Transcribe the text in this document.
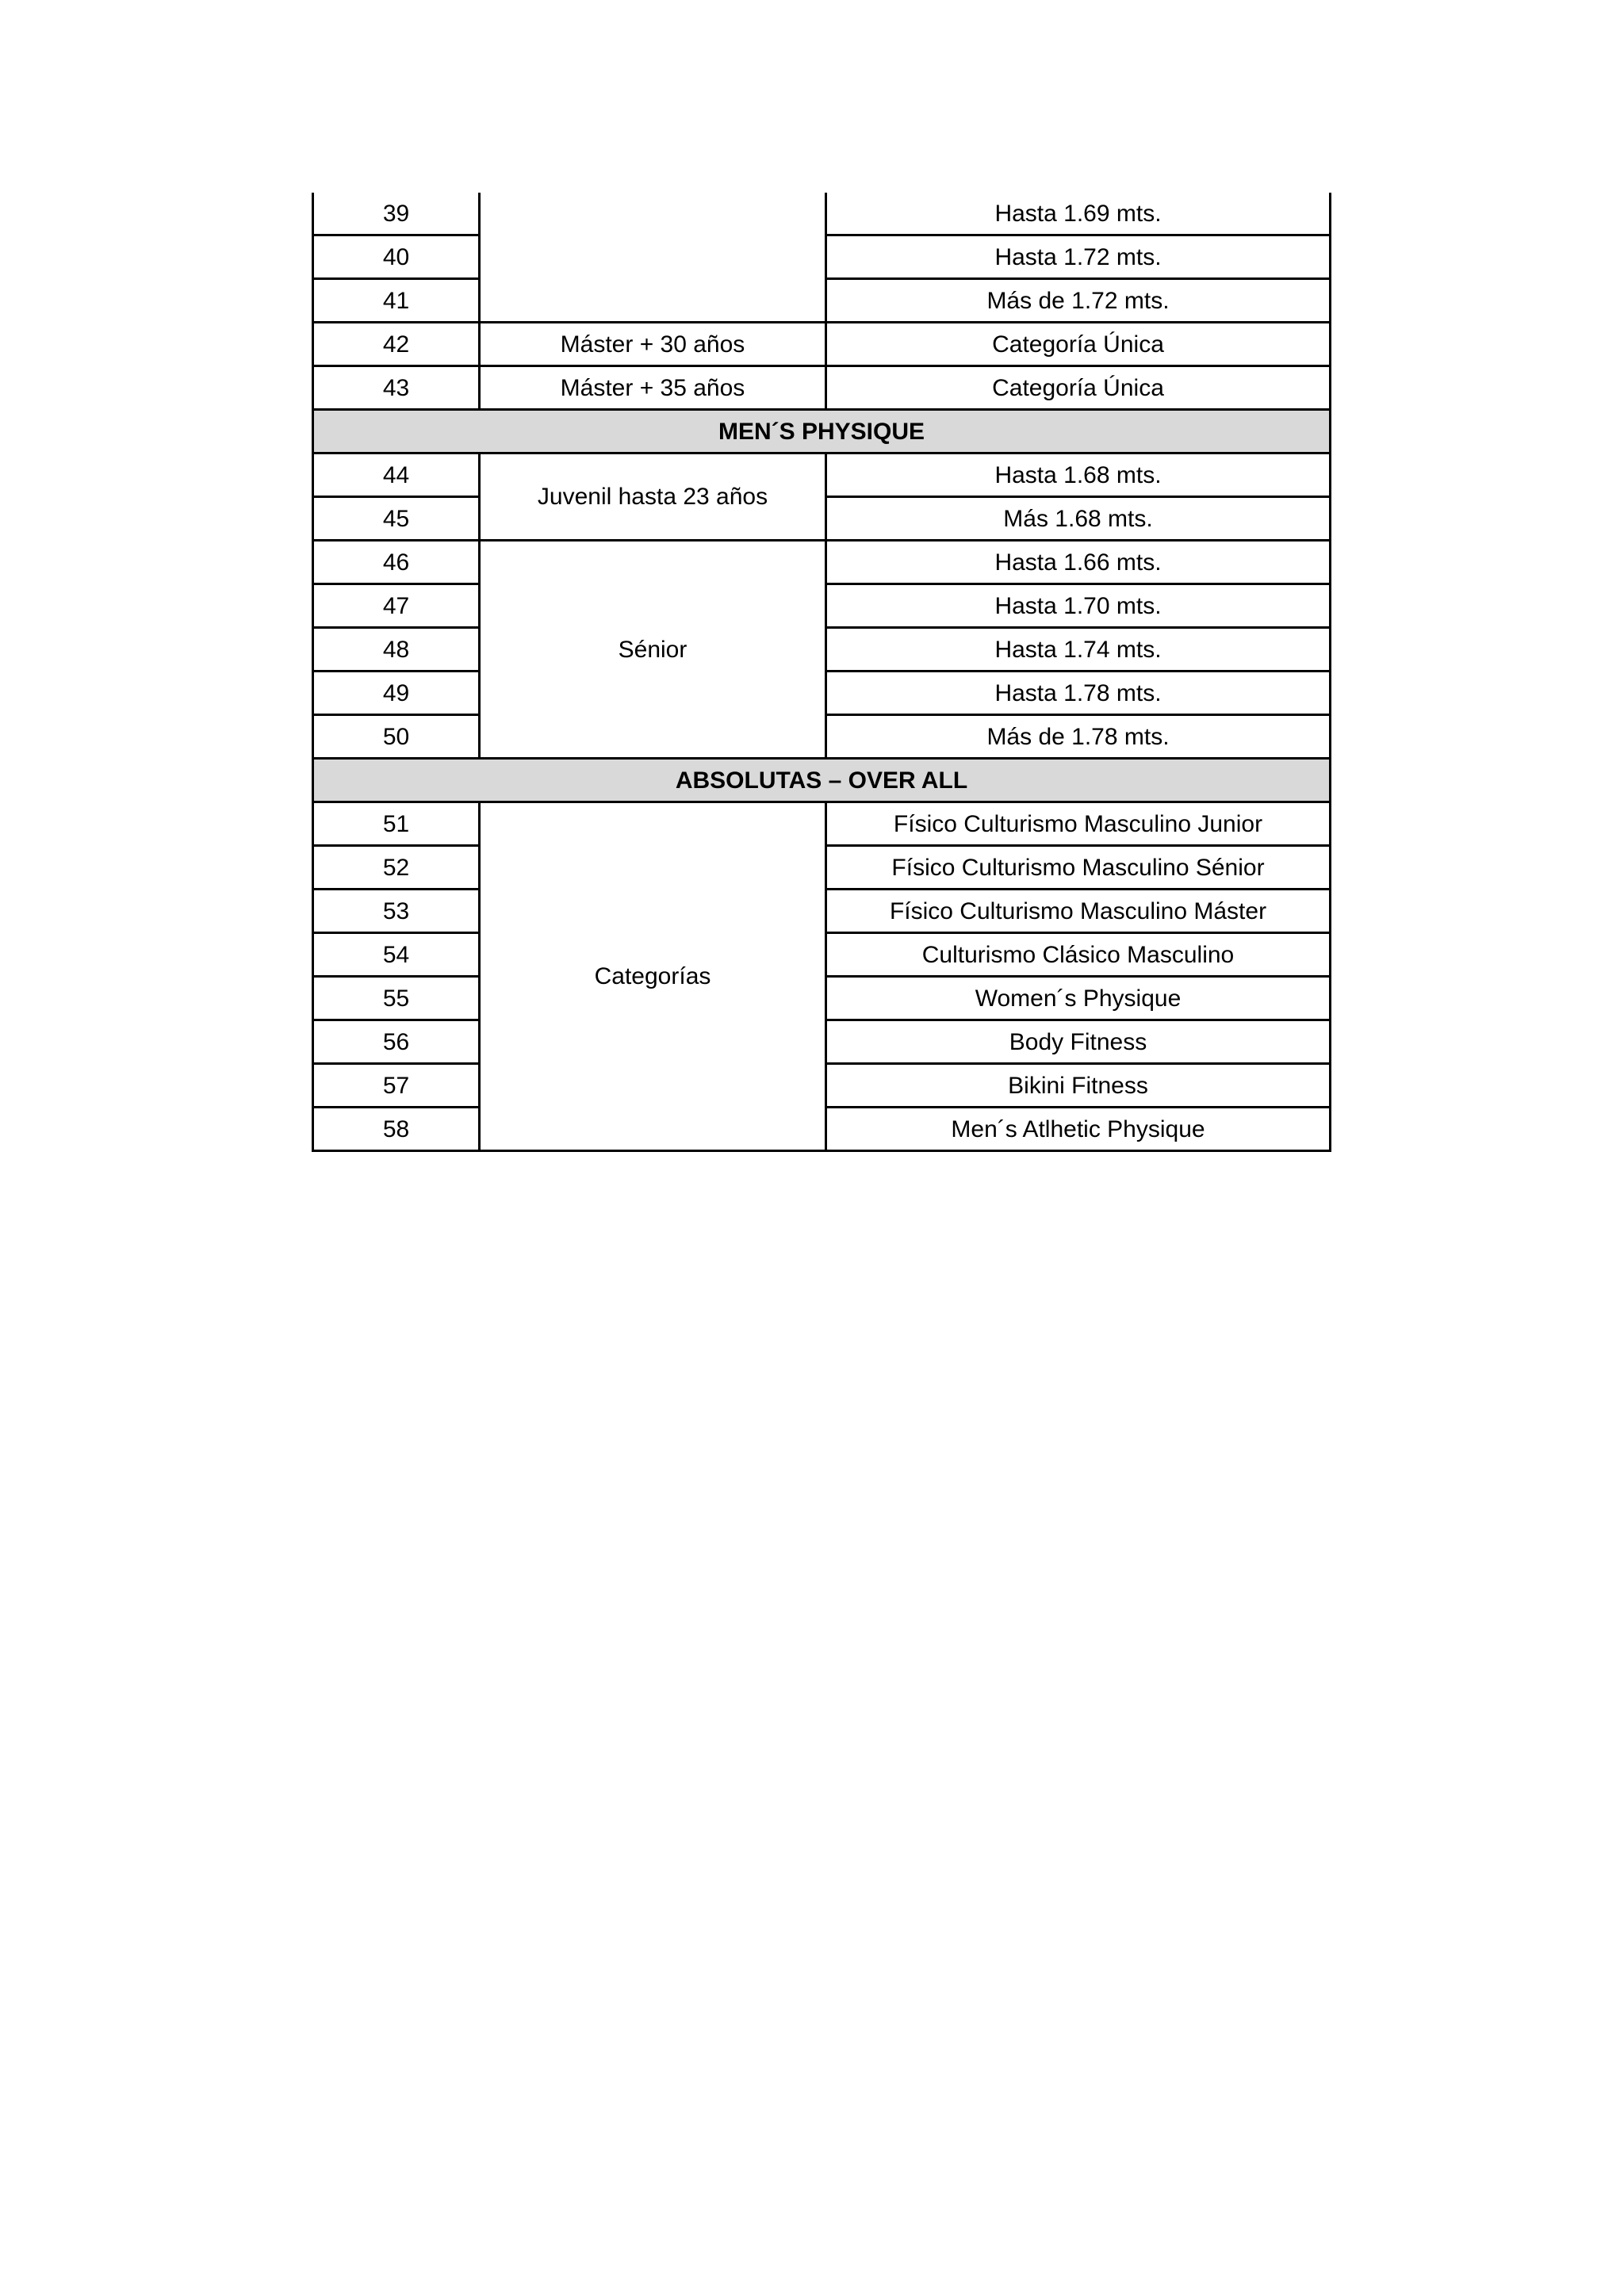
39		Hasta 1.69 mts.
40		Hasta 1.72 mts.
41		Más de 1.72 mts.
42	Máster + 30 años	Categoría Única
43	Máster + 35 años	Categoría Única
MEN´S PHYSIQUE		
44	Juvenil hasta 23 años	Hasta 1.68 mts.
45		Más 1.68 mts.
46	Sénior	Hasta 1.66 mts.
47		Hasta 1.70 mts.
48		Hasta 1.74 mts.
49		Hasta 1.78 mts.
50		Más de 1.78 mts.
ABSOLUTAS – OVER ALL		
51	Categorías	Físico Culturismo Masculino Junior
52		Físico Culturismo Masculino Sénior
53		Físico Culturismo Masculino Máster
54		Culturismo Clásico Masculino
55		Women´s Physique
56		Body Fitness
57		Bikini Fitness
58		Men´s Atlhetic Physique
